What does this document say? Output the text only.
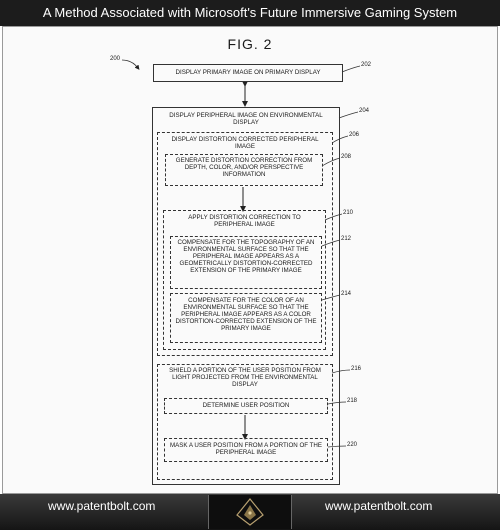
A Method Associated with Microsoft's Future Immersive Gaming System
FIG. 2
200
DISPLAY PRIMARY IMAGE ON PRIMARY DISPLAY
202
DISPLAY PERIPHERAL IMAGE ON ENVIRONMENTAL DISPLAY
204
DISPLAY DISTORTION CORRECTED PERIPHERAL IMAGE
206
GENERATE DISTORTION CORRECTION FROM DEPTH, COLOR, AND/OR PERSPECTIVE INFORMATION
208
APPLY DISTORTION CORRECTION TO PERIPHERAL IMAGE
210
COMPENSATE FOR THE TOPOGRAPHY OF AN ENVIRONMENTAL SURFACE SO THAT THE PERIPHERAL IMAGE APPEARS AS A GEOMETRICALLY DISTORTION-CORRECTED EXTENSION OF THE PRIMARY IMAGE
212
COMPENSATE FOR THE COLOR OF AN ENVIRONMENTAL SURFACE SO THAT THE PERIPHERAL IMAGE APPEARS AS A COLOR DISTORTION-CORRECTED EXTENSION OF THE PRIMARY IMAGE
214
SHIELD A PORTION OF THE USER POSITION FROM LIGHT PROJECTED FROM THE ENVIRONMENTAL DISPLAY
216
DETERMINE USER POSITION
218
MASK A USER POSITION FROM A PORTION OF THE PERIPHERAL IMAGE
220
www.patentbolt.com	www.patentbolt.com
